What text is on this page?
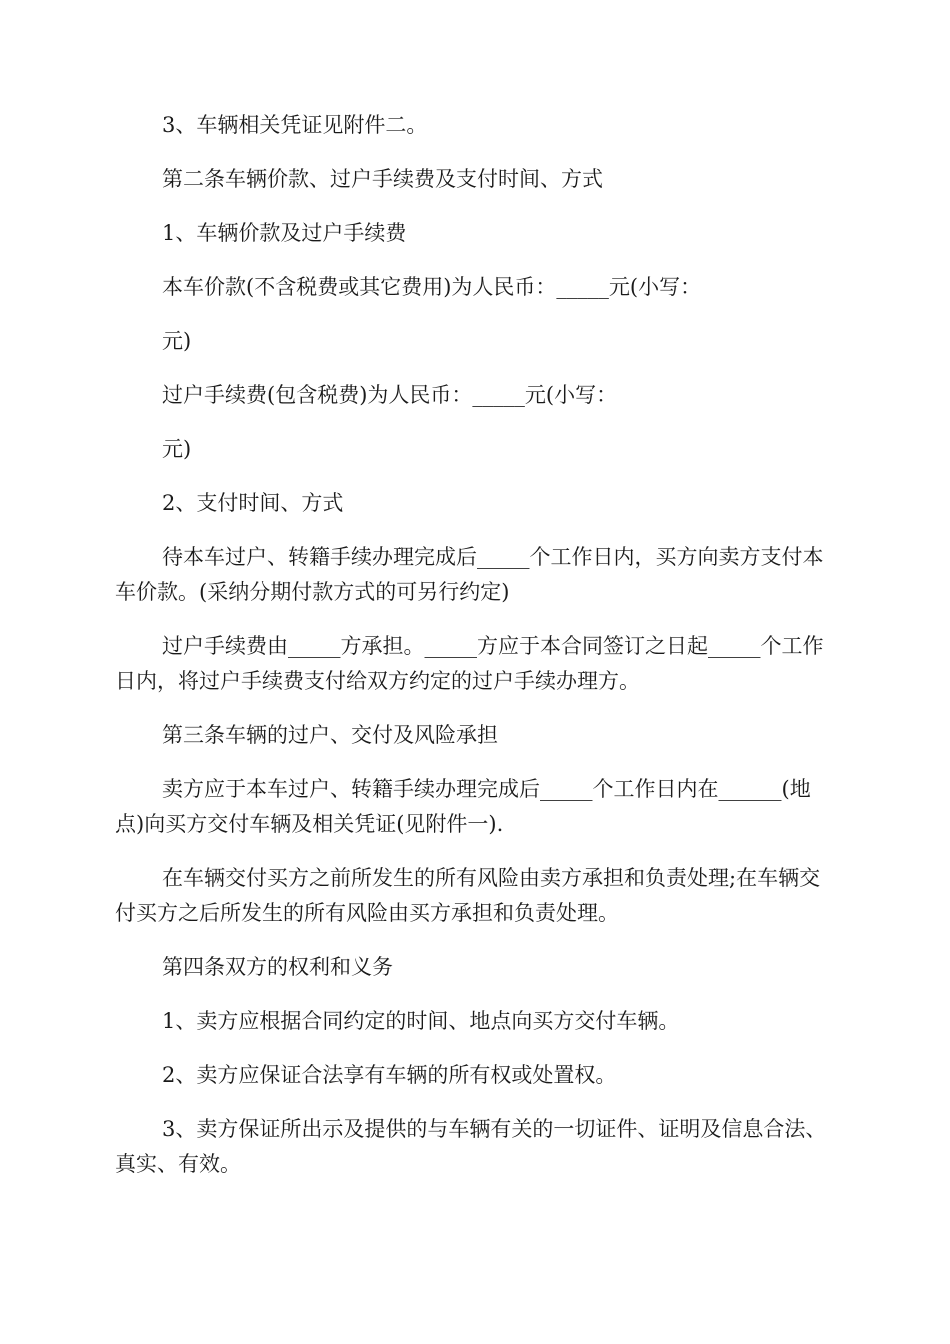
3、车辆相关凭证见附件二。

第二条车辆价款、过户手续费及支付时间、方式

1、车辆价款及过户手续费

本车价款(不含税费或其它费用)为人民币：_____元(小写：

元)

过户手续费(包含税费)为人民币：_____元(小写：

元)

2、支付时间、方式

待本车过户、转籍手续办理完成后_____个工作日内，买方向卖方支付本车价款。(采纳分期付款方式的可另行约定)

过户手续费由_____方承担。_____方应于本合同签订之日起_____个工作日内，将过户手续费支付给双方约定的过户手续办理方。

第三条车辆的过户、交付及风险承担

卖方应于本车过户、转籍手续办理完成后_____个工作日内在______(地点)向买方交付车辆及相关凭证(见附件一).

在车辆交付买方之前所发生的所有风险由卖方承担和负责处理;在车辆交付买方之后所发生的所有风险由买方承担和负责处理。

第四条双方的权利和义务

1、卖方应根据合同约定的时间、地点向买方交付车辆。

2、卖方应保证合法享有车辆的所有权或处置权。

3、卖方保证所出示及提供的与车辆有关的一切证件、证明及信息合法、真实、有效。
